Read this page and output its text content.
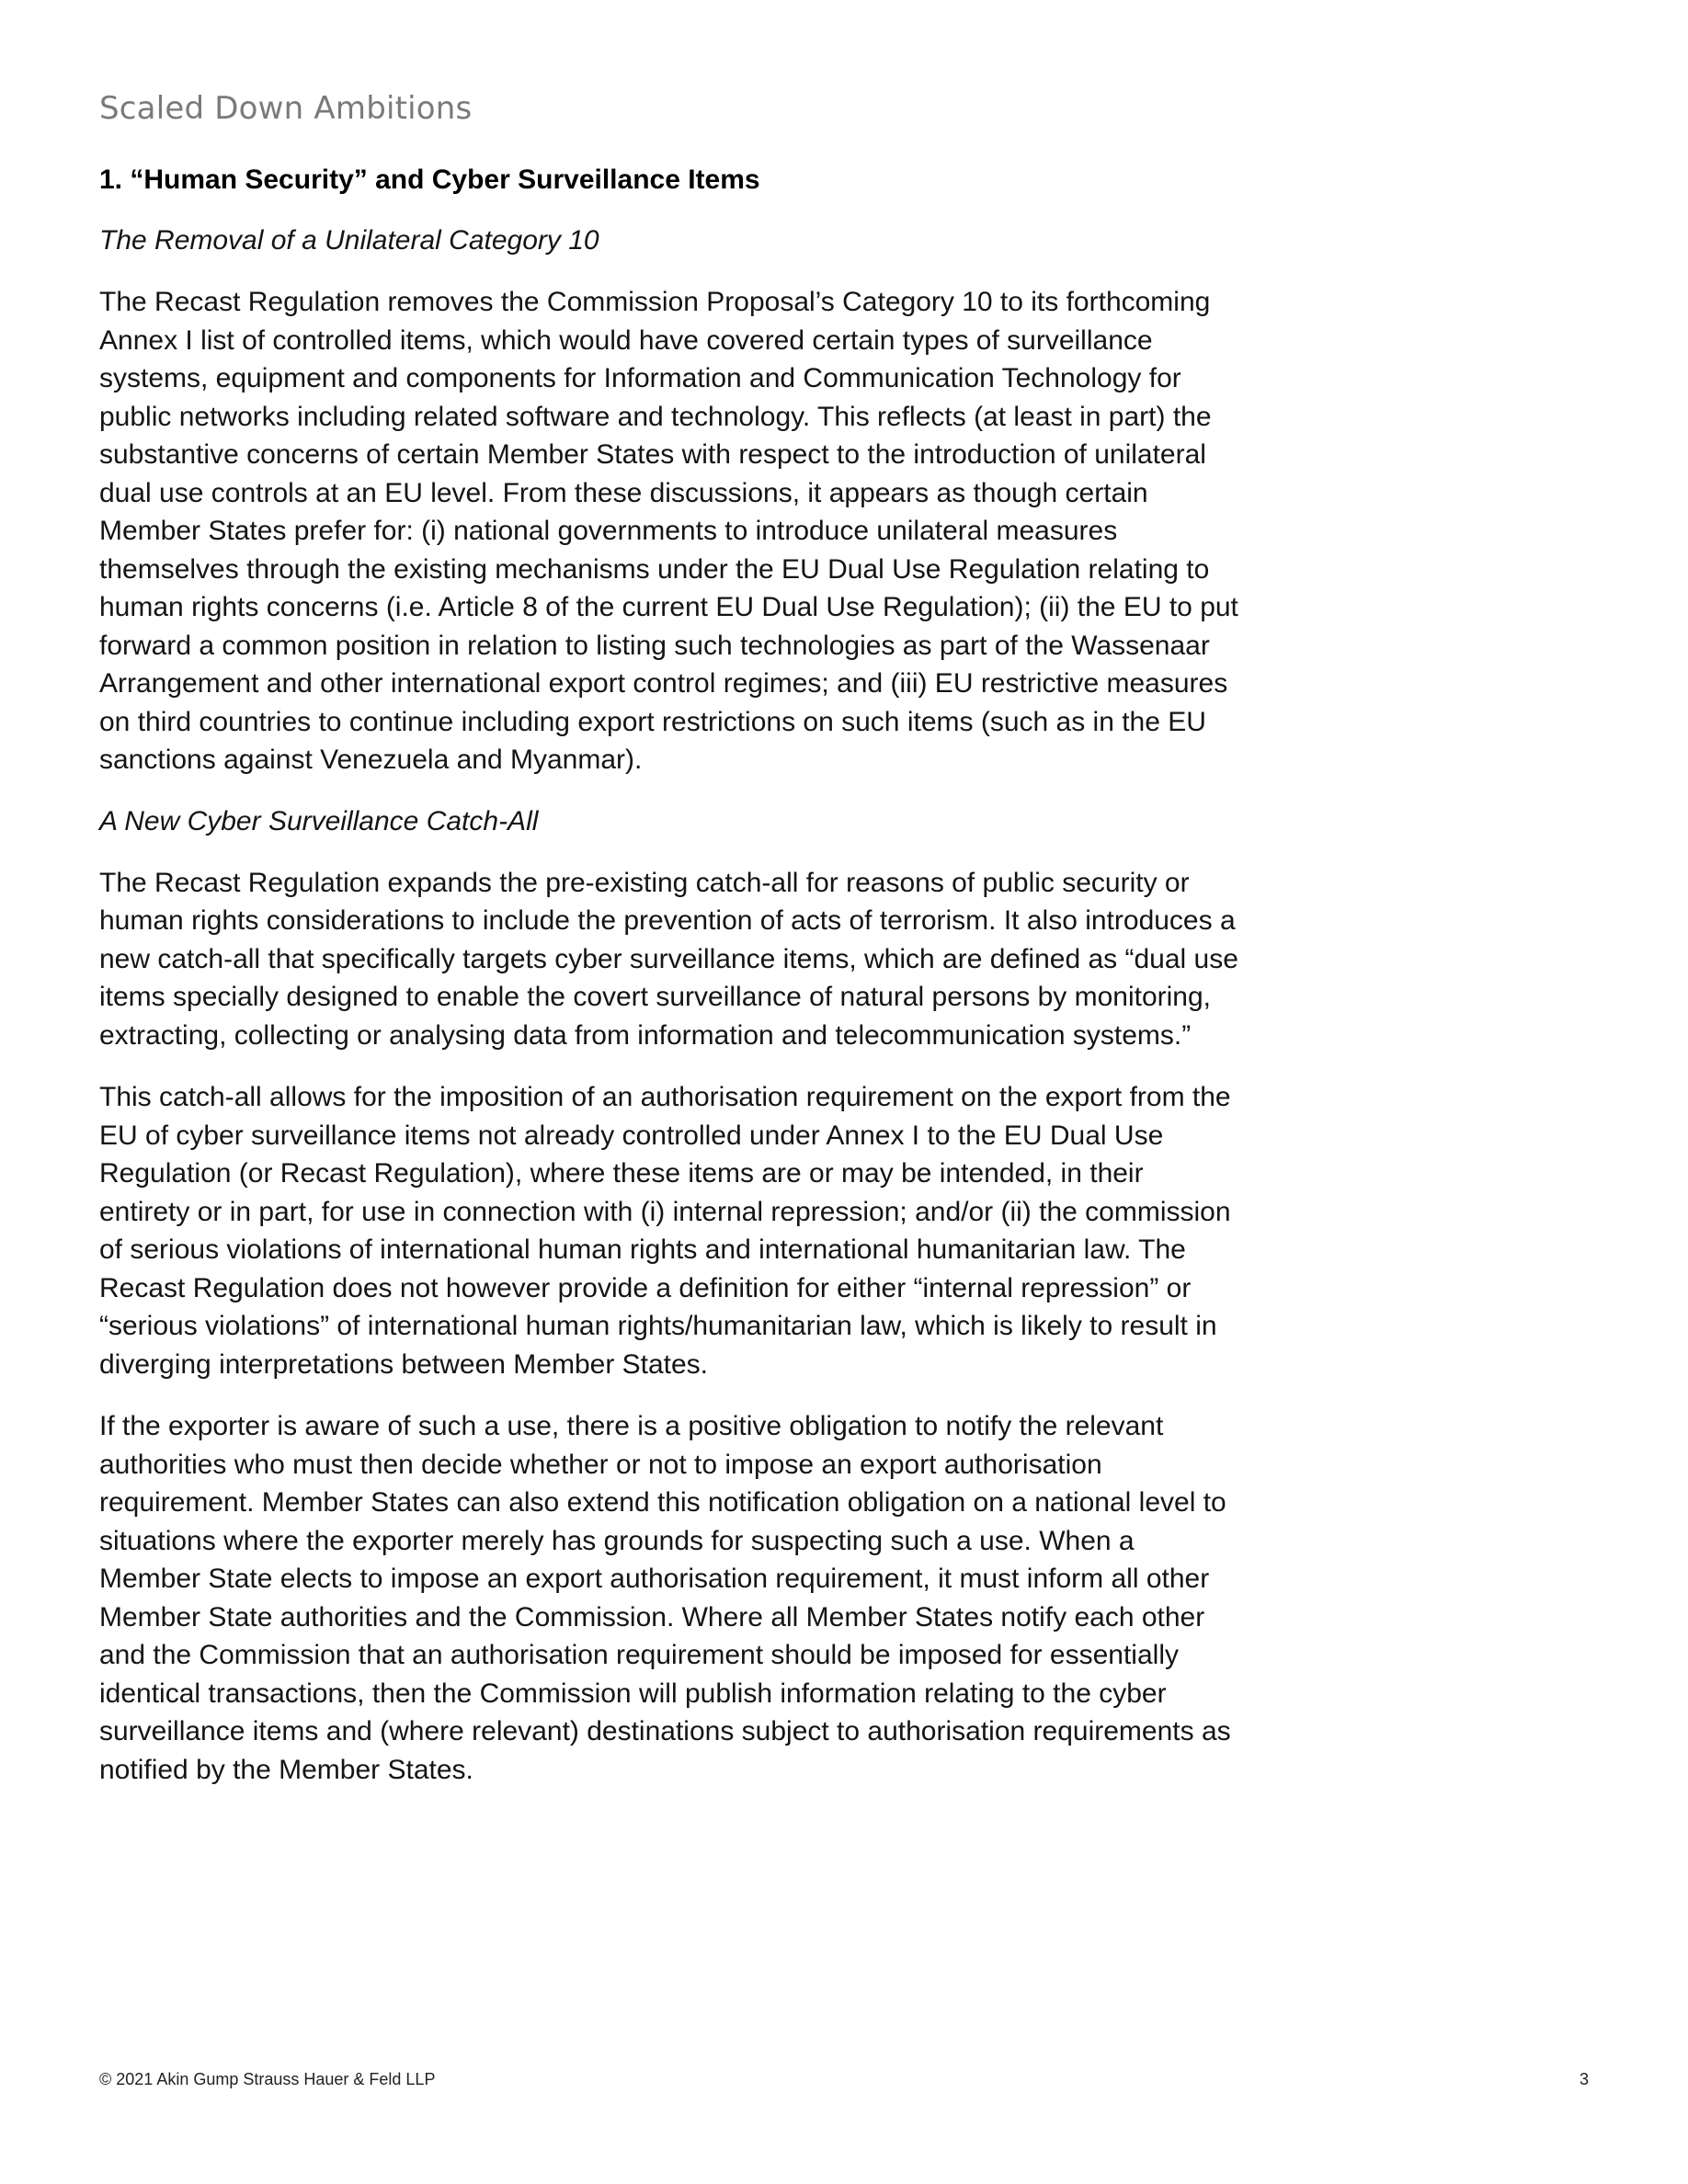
Scaled Down Ambitions
1. “Human Security” and Cyber Surveillance Items
The Removal of a Unilateral Category 10

The Recast Regulation removes the Commission Proposal’s Category 10 to its forthcoming Annex I list of controlled items, which would have covered certain types of surveillance systems, equipment and components for Information and Communication Technology for public networks including related software and technology. This reflects (at least in part) the substantive concerns of certain Member States with respect to the introduction of unilateral dual use controls at an EU level. From these discussions, it appears as though certain Member States prefer for: (i) national governments to introduce unilateral measures themselves through the existing mechanisms under the EU Dual Use Regulation relating to human rights concerns (i.e. Article 8 of the current EU Dual Use Regulation); (ii) the EU to put forward a common position in relation to listing such technologies as part of the Wassenaar Arrangement and other international export control regimes; and (iii) EU restrictive measures on third countries to continue including export restrictions on such items (such as in the EU sanctions against Venezuela and Myanmar).

A New Cyber Surveillance Catch-All

The Recast Regulation expands the pre-existing catch-all for reasons of public security or human rights considerations to include the prevention of acts of terrorism. It also introduces a new catch-all that specifically targets cyber surveillance items, which are defined as “dual use items specially designed to enable the covert surveillance of natural persons by monitoring, extracting, collecting or analysing data from information and telecommunication systems.”

This catch-all allows for the imposition of an authorisation requirement on the export from the EU of cyber surveillance items not already controlled under Annex I to the EU Dual Use Regulation (or Recast Regulation), where these items are or may be intended, in their entirety or in part, for use in connection with (i) internal repression; and/or (ii) the commission of serious violations of international human rights and international humanitarian law. The Recast Regulation does not however provide a definition for either “internal repression” or “serious violations” of international human rights/humanitarian law, which is likely to result in diverging interpretations between Member States.

If the exporter is aware of such a use, there is a positive obligation to notify the relevant authorities who must then decide whether or not to impose an export authorisation requirement. Member States can also extend this notification obligation on a national level to situations where the exporter merely has grounds for suspecting such a use. When a Member State elects to impose an export authorisation requirement, it must inform all other Member State authorities and the Commission. Where all Member States notify each other and the Commission that an authorisation requirement should be imposed for essentially identical transactions, then the Commission will publish information relating to the cyber surveillance items and (where relevant) destinations subject to authorisation requirements as notified by the Member States.

© 2021 Akin Gump Strauss Hauer & Feld LLP	3
